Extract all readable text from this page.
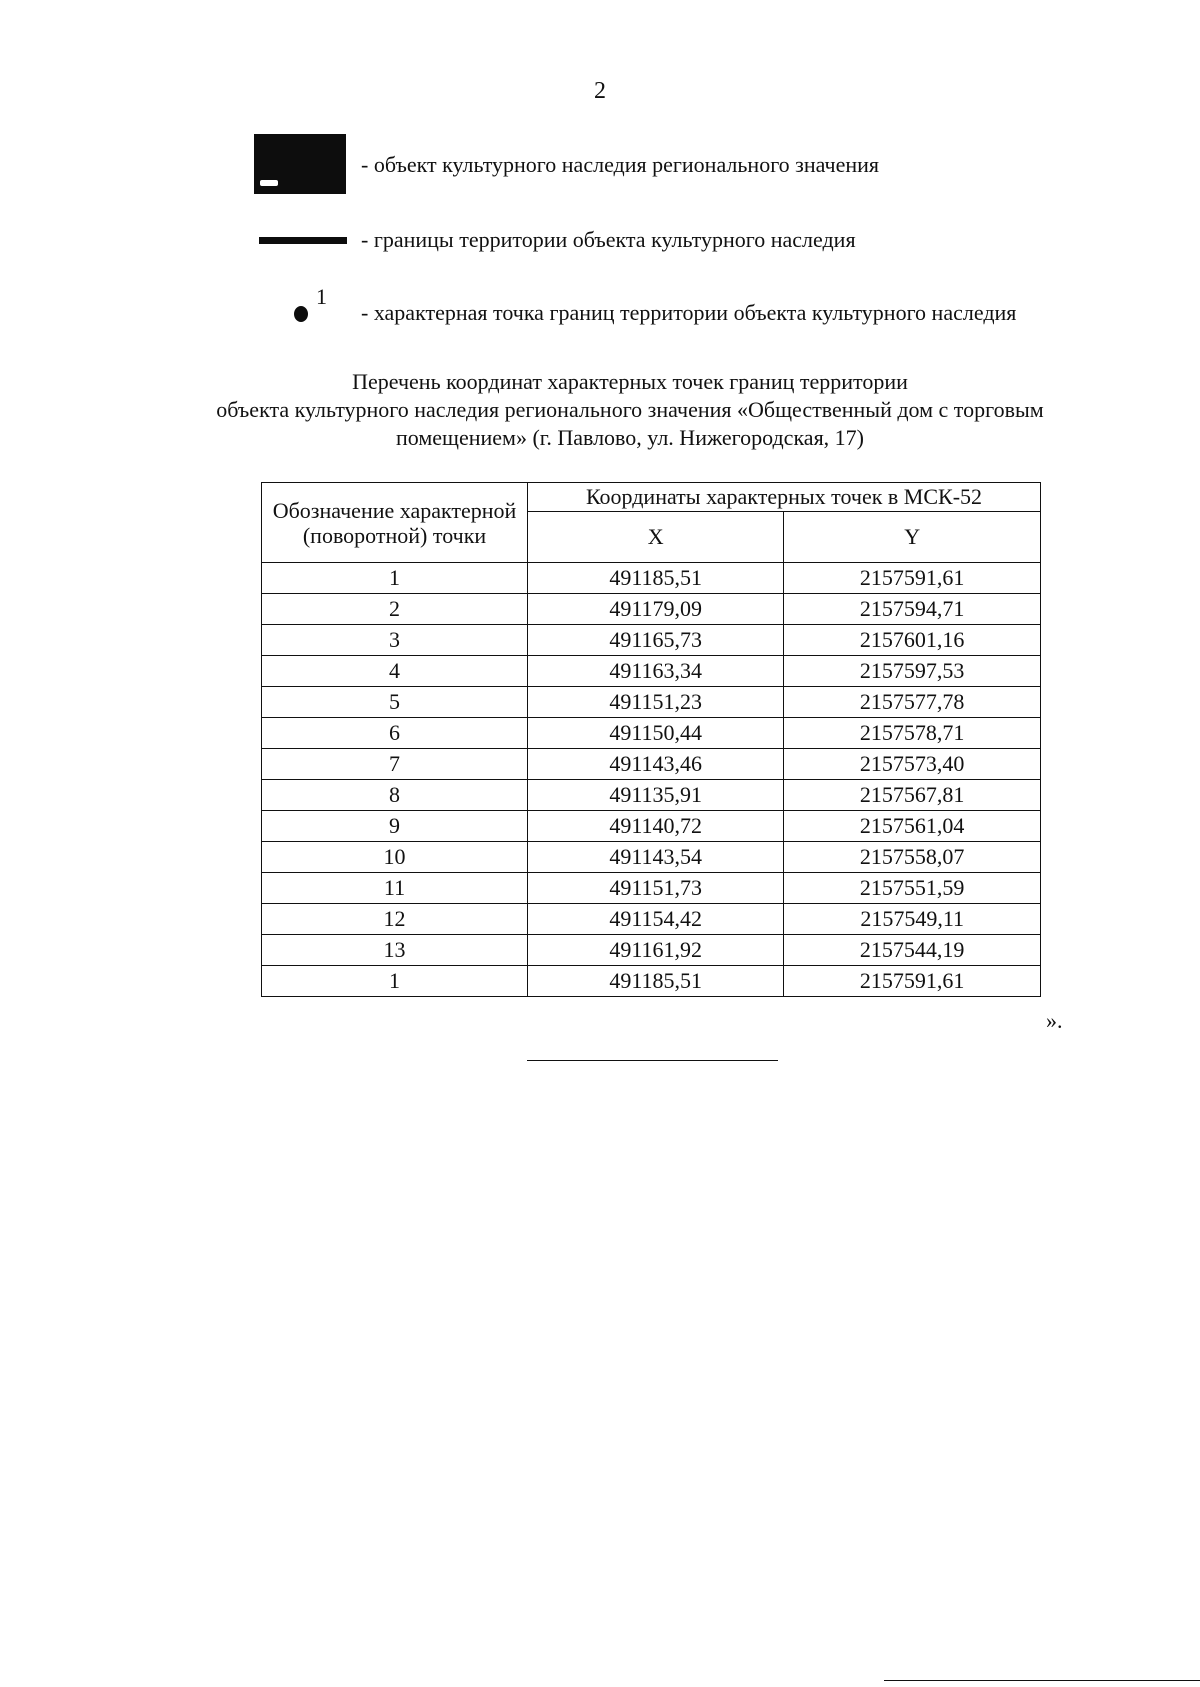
2
- объект культурного наследия регионального значения
- границы территории объекта культурного наследия
1
- характерная точка границ территории объекта культурного наследия
Перечень координат характерных точек границ территории
объекта культурного наследия регионального значения «Общественный дом с торговым
помещением» (г. Павлово, ул. Нижегородская, 17)
Обозначение характерной (поворотной) точки	Координаты характерных точек в МСК-52	
	X	Y
1	491185,51	2157591,61
2	491179,09	2157594,71
3	491165,73	2157601,16
4	491163,34	2157597,53
5	491151,23	2157577,78
6	491150,44	2157578,71
7	491143,46	2157573,40
8	491135,91	2157567,81
9	491140,72	2157561,04
10	491143,54	2157558,07
11	491151,73	2157551,59
12	491154,42	2157549,11
13	491161,92	2157544,19
1	491185,51	2157591,61
».
